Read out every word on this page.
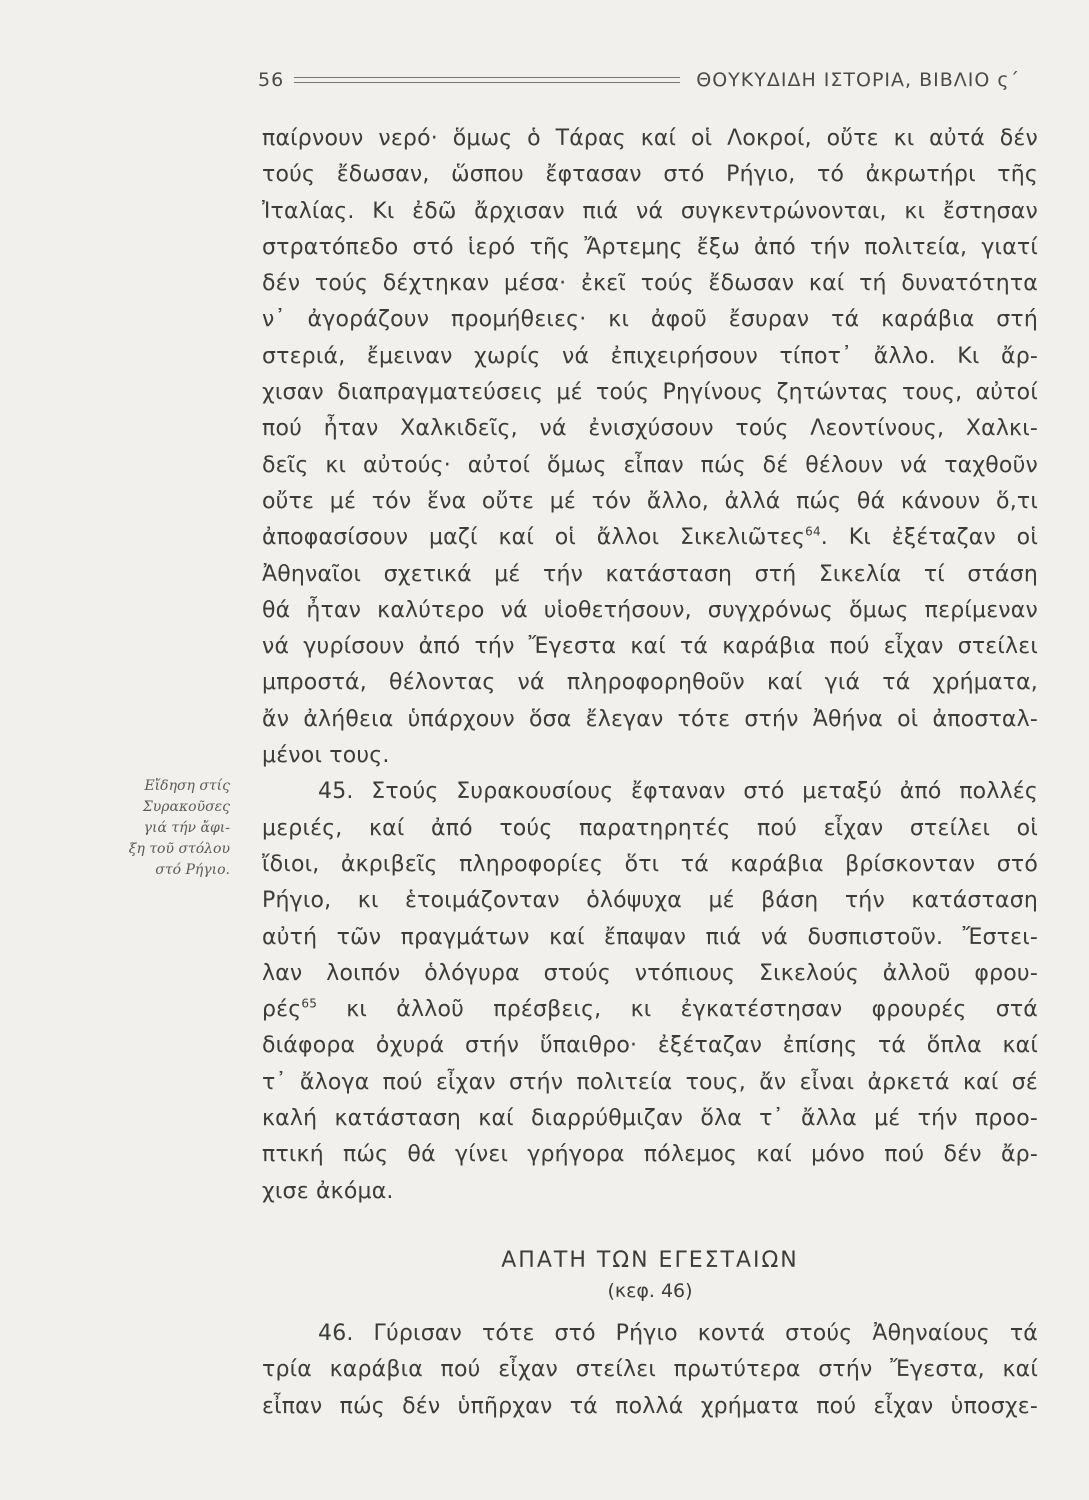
56	ΘΟΥΚΥΔΙΔΗ ΙΣΤΟΡΙΑ, ΒΙΒΛΙΟ ς΄
Εἴδηση στίς
Συρακοῦσες
γιά τήν ἄφι-
ξη τοῦ στόλου
στό Ρήγιο.
παίρνουν νερό· ὅμως ὁ Τάρας καί οἱ Λοκροί, οὔτε κι αὐτά δέν
τούς ἔδωσαν, ὥσπου ἔφτασαν στό Ρήγιο, τό ἀκρωτήρι τῆς
Ἰταλίας. Κι ἐδῶ ἄρχισαν πιά νά συγκεντρώνονται, κι ἔστησαν
στρατόπεδο στό ἱερό τῆς Ἄρτεμης ἔξω ἀπό τήν πολιτεία, γιατί
δέν τούς δέχτηκαν μέσα· ἐκεῖ τούς ἔδωσαν καί τή δυνατότητα
ν᾿ ἀγοράζουν προμήθειες· κι ἀφοῦ ἔσυραν τά καράβια στή
στεριά, ἔμειναν χωρίς νά ἐπιχειρήσουν τίποτ᾿ ἄλλο. Κι ἄρ-
χισαν διαπραγματεύσεις μέ τούς Ρηγίνους ζητώντας τους, αὐτοί
πού ἦταν Χαλκιδεῖς, νά ἐνισχύσουν τούς Λεοντίνους, Χαλκι-
δεῖς κι αὐτούς· αὐτοί ὅμως εἶπαν πώς δέ θέλουν νά ταχθοῦν
οὔτε μέ τόν ἕνα οὔτε μέ τόν ἄλλο, ἀλλά πώς θά κάνουν ὅ,τι
ἀποφασίσουν μαζί καί οἱ ἄλλοι Σικελιῶτες$^{64}$. Κι ἐξέταζαν οἱ
Ἀθηναῖοι σχετικά μέ τήν κατάσταση στή Σικελία τί στάση
θά ἦταν καλύτερο νά υἱοθετήσουν, συγχρόνως ὅμως περίμεναν
νά γυρίσουν ἀπό τήν Ἔγεστα καί τά καράβια πού εἶχαν στείλει
μπροστά, θέλοντας νά πληροφορηθοῦν καί γιά τά χρήματα,
ἄν ἀλήθεια ὑπάρχουν ὅσα ἔλεγαν τότε στήν Ἀθήνα οἱ ἀποσταλ-
μένοι τους.
45. Στούς Συρακουσίους ἔφταναν στό μεταξύ ἀπό πολλές
μεριές, καί ἀπό τούς παρατηρητές πού εἶχαν στείλει οἱ
ἴδιοι, ἀκριβεῖς πληροφορίες ὅτι τά καράβια βρίσκονταν στό
Ρήγιο, κι ἑτοιμάζονταν ὁλόψυχα μέ βάση τήν κατάσταση
αὐτή τῶν πραγμάτων καί ἔπαψαν πιά νά δυσπιστοῦν. Ἔστει-
λαν λοιπόν ὁλόγυρα στούς ντόπιους Σικελούς ἀλλοῦ φρου-
ρές$^{65}$ κι ἀλλοῦ πρέσβεις, κι ἐγκατέστησαν φρουρές στά
διάφορα ὀχυρά στήν ὕπαιθρο· ἐξέταζαν ἐπίσης τά ὅπλα καί
τ᾿ ἄλογα πού εἶχαν στήν πολιτεία τους, ἄν εἶναι ἀρκετά καί σέ
καλή κατάσταση καί διαρρύθμιζαν ὅλα τ᾿ ἄλλα μέ τήν προο-
πτική πώς θά γίνει γρήγορα πόλεμος καί μόνο πού δέν ἄρ-
χισε ἀκόμα.
ΑΠΑΤΗ ΤΩΝ ΕΓΕΣΤΑΙΩΝ
(κεφ. 46)
46. Γύρισαν τότε στό Ρήγιο κοντά στούς Ἀθηναίους τά
τρία καράβια πού εἶχαν στείλει πρωτύτερα στήν Ἔγεστα, καί
εἶπαν πώς δέν ὑπῆρχαν τά πολλά χρήματα πού εἶχαν ὑποσχε-
